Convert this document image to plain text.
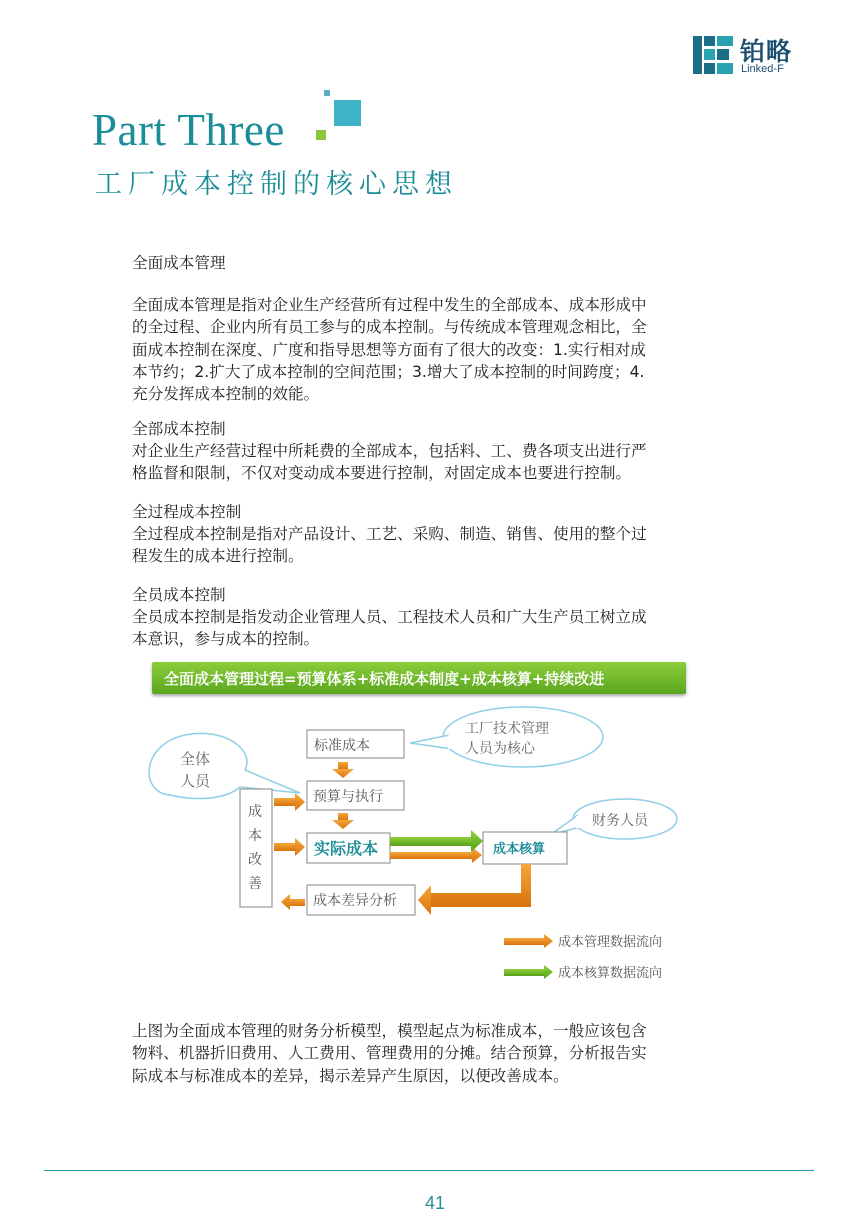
铂略
Linked-F
Part Three
工厂成本控制的核心思想
全面成本管理
全面成本管理是指对企业生产经营所有过程中发生的全部成本、成本形成中
的全过程、企业内所有员工参与的成本控制。与传统成本管理观念相比，全
面成本控制在深度、广度和指导思想等方面有了很大的改变：1.实行相对成
本节约；2.扩大了成本控制的空间范围；3.增大了成本控制的时间跨度；4.
充分发挥成本控制的效能。
全部成本控制
对企业生产经营过程中所耗费的全部成本，包括料、工、费各项支出进行严
格监督和限制，不仅对变动成本要进行控制，对固定成本也要进行控制。
全过程成本控制
全过程成本控制是指对产品设计、工艺、采购、制造、销售、使用的整个过
程发生的成本进行控制。
全员成本控制
全员成本控制是指发动企业管理人员、工程技术人员和广大生产员工树立成
本意识，参与成本的控制。
全面成本管理过程=预算体系+标准成本制度+成本核算+持续改进
全体
人员
工厂技术管理
人员为核心
财务人员
标准成本
预算与执行
实际成本	成本核算
成本差异分析
成
本
改
善
成本管理数据流向
成本核算数据流向
上图为全面成本管理的财务分析模型，模型起点为标准成本，一般应该包含
物料、机器折旧费用、人工费用、管理费用的分摊。结合预算，分析报告实
际成本与标准成本的差异，揭示差异产生原因，以便改善成本。
41
